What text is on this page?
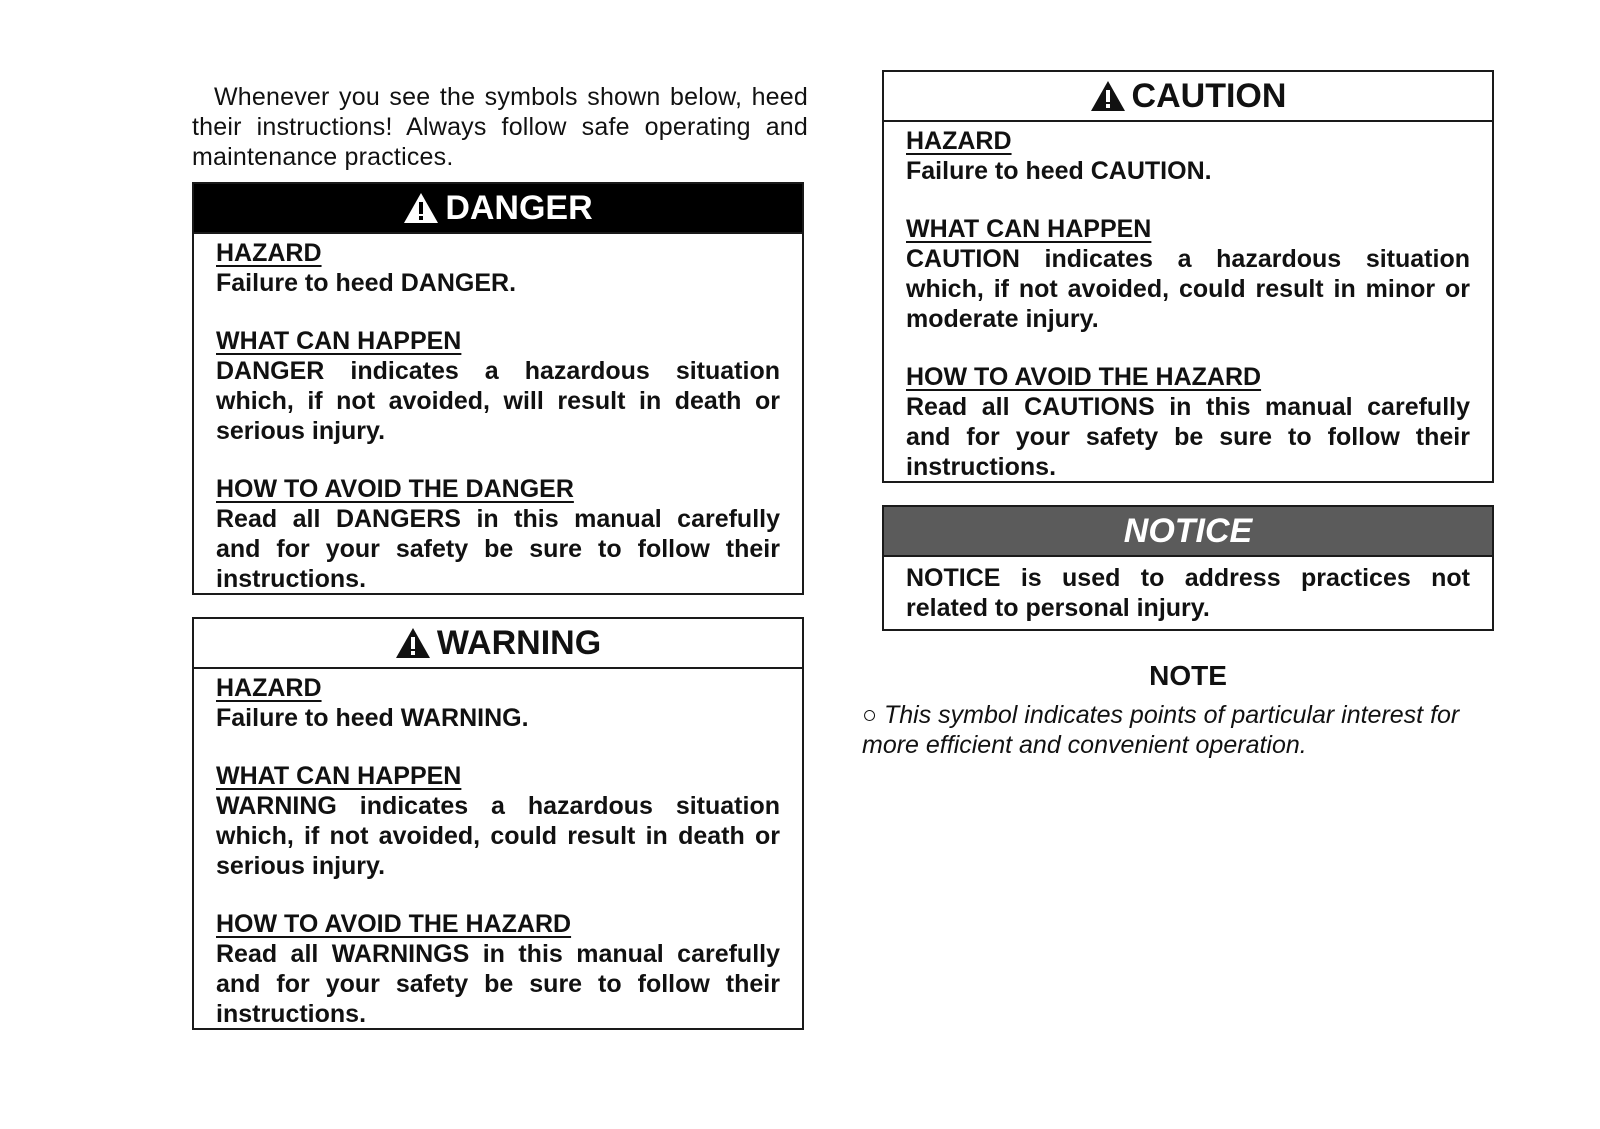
Whenever you see the symbols shown below, heed their instructions! Always follow safe operating and maintenance practices.

DANGER

HAZARD

Failure to heed DANGER.

WHAT CAN HAPPEN

DANGER indicates a hazardous situation which, if not avoided, will result in death or serious injury.

HOW TO AVOID THE DANGER

Read all DANGERS in this manual carefully and for your safety be sure to follow their instructions.

WARNING

HAZARD

Failure to heed WARNING.

WHAT CAN HAPPEN

WARNING indicates a hazardous situation which, if not avoided, could result in death or serious injury.

HOW TO AVOID THE HAZARD

Read all WARNINGS in this manual carefully and for your safety be sure to follow their instructions.

CAUTION

HAZARD

Failure to heed CAUTION.

WHAT CAN HAPPEN

CAUTION indicates a hazardous situation which, if not avoided, could result in minor or moderate injury.

HOW TO AVOID THE HAZARD

Read all CAUTIONS in this manual carefully and for your safety be sure to follow their instructions.

NOTICE

NOTICE is used to address practices not related to personal injury.

NOTE

○ This symbol indicates points of particular interest for more efficient and convenient operation.
